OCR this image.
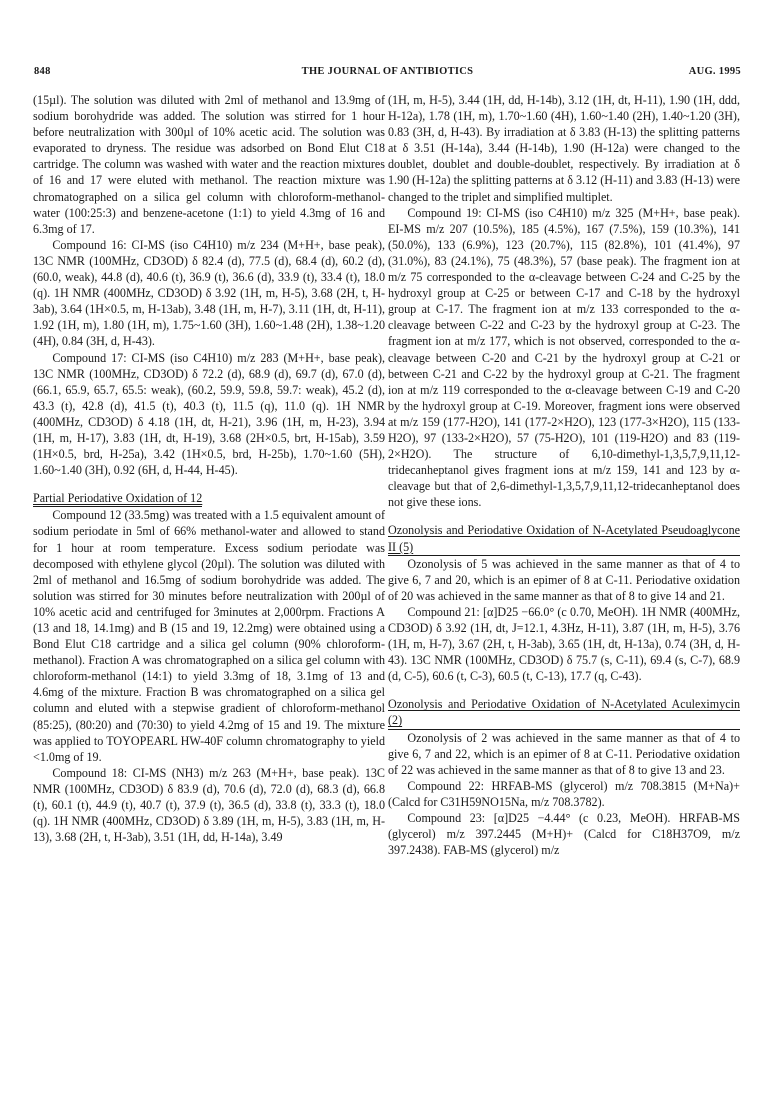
848	THE JOURNAL OF ANTIBIOTICS	AUG. 1995

(15µl). The solution was diluted with 2ml of methanol and 13.9mg of sodium borohydride was added. The solution was stirred for 1 hour before neutralization with 300µl of 10% acetic acid. The solution was evaporated to dryness. The residue was adsorbed on Bond Elut C18 cartridge. The column was washed with water and the reaction mixtures of 16 and 17 were eluted with methanol. The reaction mixture was chromatographed on a silica gel column with chloroform-methanol-water (100:25:3) and benzene-acetone (1:1) to yield 4.3mg of 16 and 6.3mg of 17.

Compound 16: CI-MS (iso C4H10) m/z 234 (M+H+, base peak), 13C NMR (100MHz, CD3OD) δ 82.4 (d), 77.5 (d), 68.4 (d), 60.2 (d), (60.0, weak), 44.8 (d), 40.6 (t), 36.9 (t), 36.6 (d), 33.9 (t), 33.4 (t), 18.0 (q). 1H NMR (400MHz, CD3OD) δ 3.92 (1H, m, H-5), 3.68 (2H, t, H-3ab), 3.64 (1H×0.5, m, H-13ab), 3.48 (1H, m, H-7), 3.11 (1H, dt, H-11), 1.92 (1H, m), 1.80 (1H, m), 1.75~1.60 (3H), 1.60~1.48 (2H), 1.38~1.20 (4H), 0.84 (3H, d, H-43).

Compound 17: CI-MS (iso C4H10) m/z 283 (M+H+, base peak), 13C NMR (100MHz, CD3OD) δ 72.2 (d), 68.9 (d), 69.7 (d), 67.0 (d), (66.1, 65.9, 65.7, 65.5: weak), (60.2, 59.9, 59.8, 59.7: weak), 45.2 (d), 43.3 (t), 42.8 (d), 41.5 (t), 40.3 (t), 11.5 (q), 11.0 (q). 1H NMR (400MHz, CD3OD) δ 4.18 (1H, dt, H-21), 3.96 (1H, m, H-23), 3.94 (1H, m, H-17), 3.83 (1H, dt, H-19), 3.68 (2H×0.5, brt, H-15ab), 3.59 (1H×0.5, brd, H-25a), 3.42 (1H×0.5, brd, H-25b), 1.70~1.60 (5H), 1.60~1.40 (3H), 0.92 (6H, d, H-44, H-45).

Partial Periodative Oxidation of 12

Compound 12 (33.5mg) was treated with a 1.5 equivalent amount of sodium periodate in 5ml of 66% methanol-water and allowed to stand for 1 hour at room temperature. Excess sodium periodate was decomposed with ethylene glycol (20µl). The solution was diluted with 2ml of methanol and 16.5mg of sodium borohydride was added. The solution was stirred for 30 minutes before neutralization with 200µl of 10% acetic acid and centrifuged for 3minutes at 2,000rpm. Fractions A (13 and 18, 14.1mg) and B (15 and 19, 12.2mg) were obtained using a Bond Elut C18 cartridge and a silica gel column (90% chloroform-methanol). Fraction A was chromatographed on a silica gel column with chloroform-methanol (14:1) to yield 3.3mg of 18, 3.1mg of 13 and 4.6mg of the mixture. Fraction B was chromatographed on a silica gel column and eluted with a stepwise gradient of chloroform-methanol (85:25), (80:20) and (70:30) to yield 4.2mg of 15 and 19. The mixture was applied to TOYOPEARL HW-40F column chromatography to yield <1.0mg of 19.

Compound 18: CI-MS (NH3) m/z 263 (M+H+, base peak). 13C NMR (100MHz, CD3OD) δ 83.9 (d), 70.6 (d), 72.0 (d), 68.3 (d), 66.8 (t), 60.1 (t), 44.9 (t), 40.7 (t), 37.9 (t), 36.5 (d), 33.8 (t), 33.3 (t), 18.0 (q). 1H NMR (400MHz, CD3OD) δ 3.89 (1H, m, H-5), 3.83 (1H, m, H-13), 3.68 (2H, t, H-3ab), 3.51 (1H, dd, H-14a), 3.49

(1H, m, H-5), 3.44 (1H, dd, H-14b), 3.12 (1H, dt, H-11), 1.90 (1H, ddd, H-12a), 1.78 (1H, m), 1.70~1.60 (4H), 1.60~1.40 (2H), 1.40~1.20 (3H), 0.83 (3H, d, H-43). By irradiation at δ 3.83 (H-13) the splitting patterns at δ 3.51 (H-14a), 3.44 (H-14b), 1.90 (H-12a) were changed to the doublet, doublet and double-doublet, respectively. By irradiation at δ 1.90 (H-12a) the splitting patterns at δ 3.12 (H-11) and 3.83 (H-13) were changed to the triplet and simplified multiplet.

Compound 19: CI-MS (iso C4H10) m/z 325 (M+H+, base peak). EI-MS m/z 207 (10.5%), 185 (4.5%), 167 (7.5%), 159 (10.3%), 141 (50.0%), 133 (6.9%), 123 (20.7%), 115 (82.8%), 101 (41.4%), 97 (31.0%), 83 (24.1%), 75 (48.3%), 57 (base peak). The fragment ion at m/z 75 corresponded to the α-cleavage between C-24 and C-25 by the hydroxyl group at C-25 or between C-17 and C-18 by the hydroxyl group at C-17. The fragment ion at m/z 133 corresponded to the α-cleavage between C-22 and C-23 by the hydroxyl group at C-23. The fragment ion at m/z 177, which is not observed, corresponded to the α-cleavage between C-20 and C-21 by the hydroxyl group at C-21 or between C-21 and C-22 by the hydroxyl group at C-21. The fragment ion at m/z 119 corresponded to the α-cleavage between C-19 and C-20 by the hydroxyl group at C-19. Moreover, fragment ions were observed at m/z 159 (177-H2O), 141 (177-2×H2O), 123 (177-3×H2O), 115 (133-H2O), 97 (133-2×H2O), 57 (75-H2O), 101 (119-H2O) and 83 (119-2×H2O). The structure of 6,10-dimethyl-1,3,5,7,9,11,12-tridecanheptanol gives fragment ions at m/z 159, 141 and 123 by α-cleavage but that of 2,6-dimethyl-1,3,5,7,9,11,12-tridecanheptanol does not give these ions.

Ozonolysis and Periodative Oxidation of N-Acetylated Pseudoaglycone II (5)

Ozonolysis of 5 was achieved in the same manner as that of 4 to give 6, 7 and 20, which is an epimer of 8 at C-11. Periodative oxidation of 20 was achieved in the same manner as that of 8 to give 14 and 21.

Compound 21: [α]D25 −66.0° (c 0.70, MeOH). 1H NMR (400MHz, CD3OD) δ 3.92 (1H, dt, J=12.1, 4.3Hz, H-11), 3.87 (1H, m, H-5), 3.76 (1H, m, H-7), 3.67 (2H, t, H-3ab), 3.65 (1H, dt, H-13a), 0.74 (3H, d, H-43). 13C NMR (100MHz, CD3OD) δ 75.7 (s, C-11), 69.4 (s, C-7), 68.9 (d, C-5), 60.6 (t, C-3), 60.5 (t, C-13), 17.7 (q, C-43).

Ozonolysis and Periodative Oxidation of N-Acetylated Aculeximycin (2)

Ozonolysis of 2 was achieved in the same manner as that of 4 to give 6, 7 and 22, which is an epimer of 8 at C-11. Periodative oxidation of 22 was achieved in the same manner as that of 8 to give 13 and 23.

Compound 22: HRFAB-MS (glycerol) m/z 708.3815 (M+Na)+ (Calcd for C31H59NO15Na, m/z 708.3782).

Compound 23: [α]D25 −4.44° (c 0.23, MeOH). HRFAB-MS (glycerol) m/z 397.2445 (M+H)+ (Calcd for C18H37O9, m/z 397.2438). FAB-MS (glycerol) m/z
